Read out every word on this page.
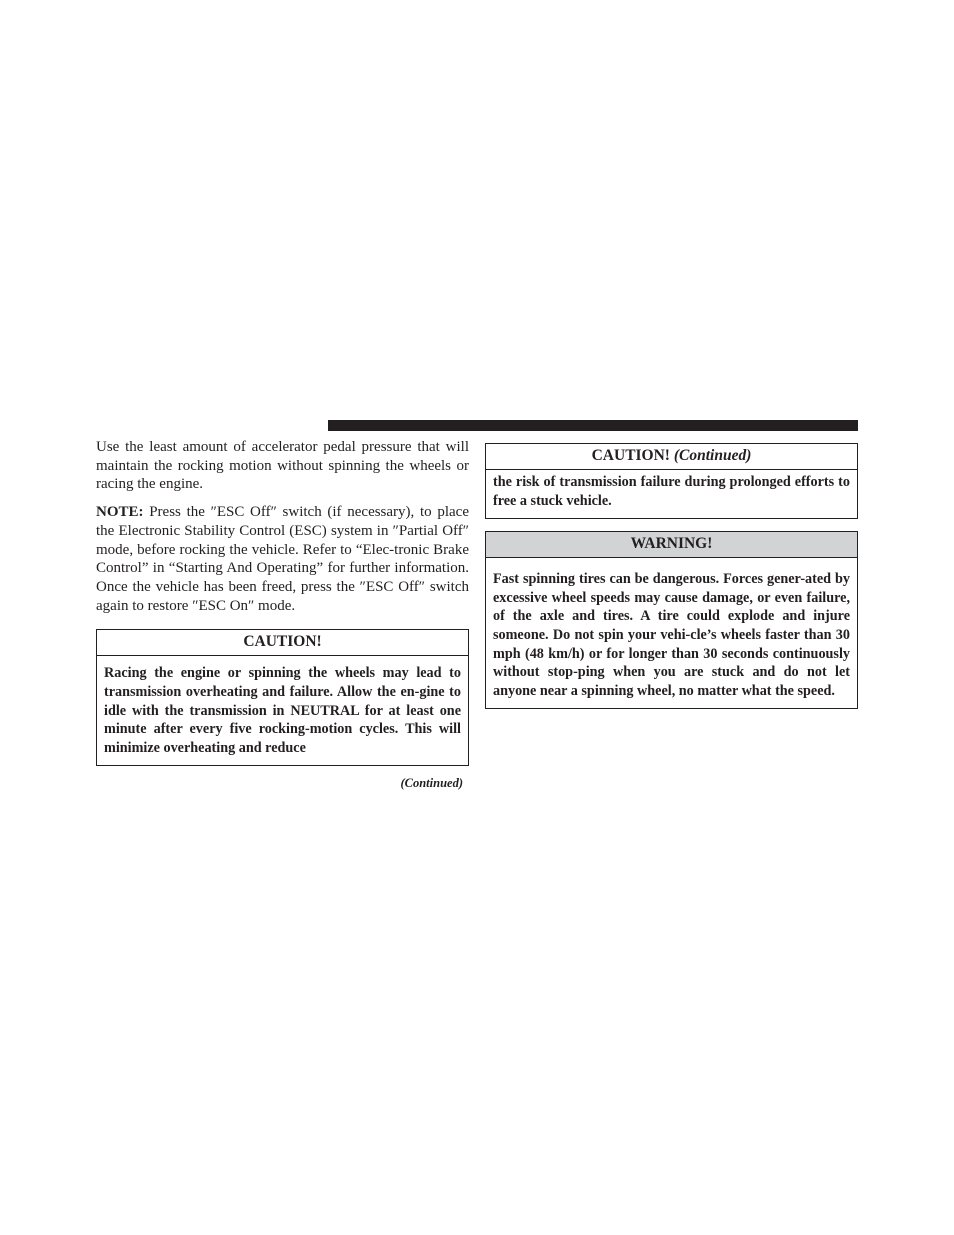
Use the least amount of accelerator pedal pressure that will maintain the rocking motion without spinning the wheels or racing the engine.

NOTE: Press the ″ESC Off″ switch (if necessary), to place the Electronic Stability Control (ESC) system in ″Partial Off″ mode, before rocking the vehicle. Refer to “Elec-tronic Brake Control” in “Starting And Operating” for further information. Once the vehicle has been freed, press the ″ESC Off″ switch again to restore ″ESC On″ mode.

CAUTION!
Racing the engine or spinning the wheels may lead to transmission overheating and failure. Allow the en-gine to idle with the transmission in NEUTRAL for at least one minute after every five rocking-motion cycles. This will minimize overheating and reduce
(Continued)
CAUTION! (Continued)
the risk of transmission failure during prolonged efforts to free a stuck vehicle.
WARNING!
Fast spinning tires can be dangerous. Forces gener-ated by excessive wheel speeds may cause damage, or even failure, of the axle and tires. A tire could explode and injure someone. Do not spin your vehi-cle’s wheels faster than 30 mph (48 km/h) or for longer than 30 seconds continuously without stop-ping when you are stuck and do not let anyone near a spinning wheel, no matter what the speed.
